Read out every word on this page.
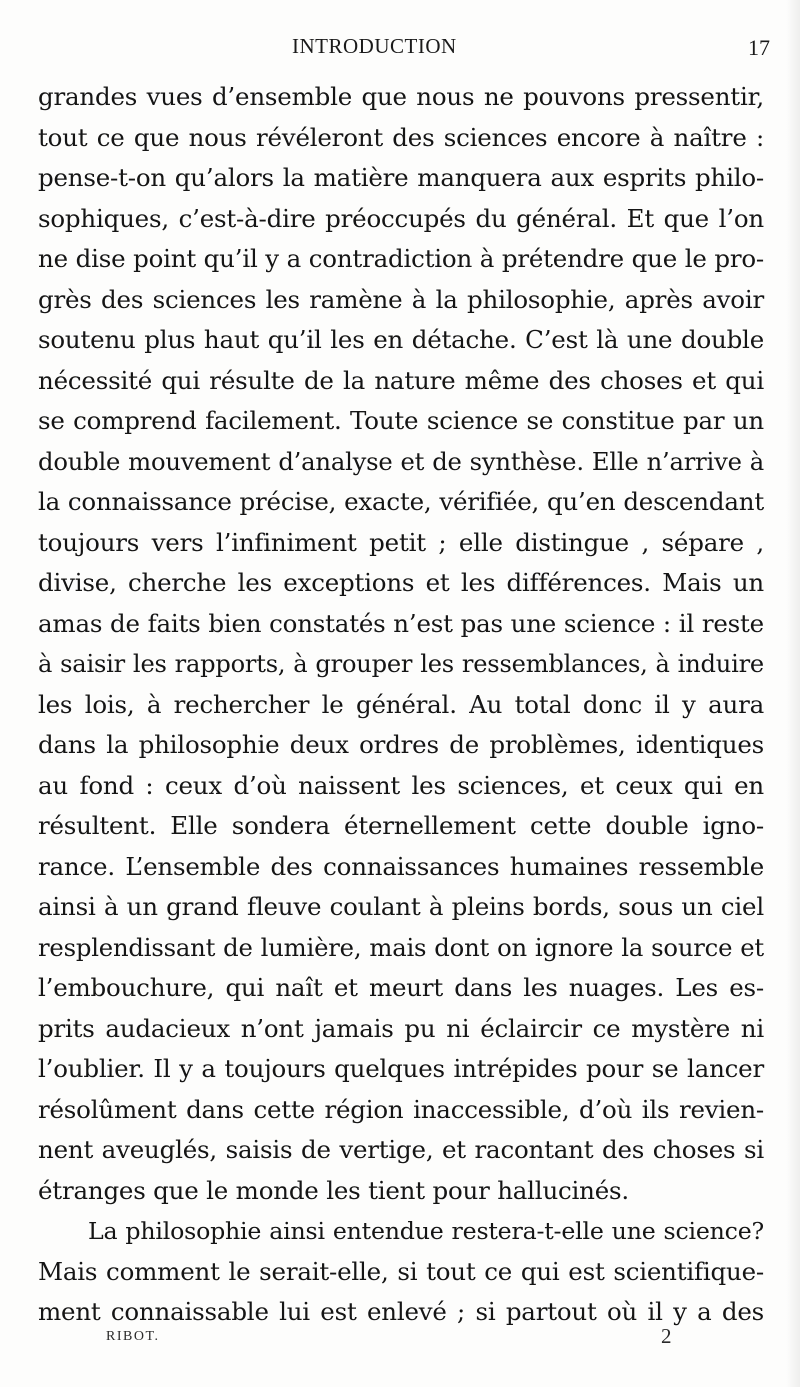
INTRODUCTION	17
grandes vues d’ensemble que nous ne pouvons pressentir,
tout ce que nous révéleront des sciences encore à naître :
pense-t-on qu’alors la matière manquera aux esprits philo-
sophiques, c’est-à-dire préoccupés du général. Et que l’on
ne dise point qu’il y a contradiction à prétendre que le pro-
grès des sciences les ramène à la philosophie, après avoir
soutenu plus haut qu’il les en détache. C’est là une double
nécessité qui résulte de la nature même des choses et qui
se comprend facilement. Toute science se constitue par un
double mouvement d’analyse et de synthèse. Elle n’arrive à
la connaissance précise, exacte, vérifiée, qu’en descendant
toujours vers l’infiniment petit ; elle distingue , sépare ,
divise, cherche les exceptions et les différences. Mais un
amas de faits bien constatés n’est pas une science : il reste
à saisir les rapports, à grouper les ressemblances, à induire
les lois, à rechercher le général. Au total donc il y aura
dans la philosophie deux ordres de problèmes, identiques
au fond : ceux d’où naissent les sciences, et ceux qui en
résultent. Elle sondera éternellement cette double igno-
rance. L’ensemble des connaissances humaines ressemble
ainsi à un grand fleuve coulant à pleins bords, sous un ciel
resplendissant de lumière, mais dont on ignore la source et
l’embouchure, qui naît et meurt dans les nuages. Les es-
prits audacieux n’ont jamais pu ni éclaircir ce mystère ni
l’oublier. Il y a toujours quelques intrépides pour se lancer
résolûment dans cette région inaccessible, d’où ils revien-
nent aveuglés, saisis de vertige, et racontant des choses si
étranges que le monde les tient pour hallucinés.
La philosophie ainsi entendue restera-t-elle une science?
Mais comment le serait-elle, si tout ce qui est scientifique-
ment connaissable lui est enlevé ; si partout où il y a des
RIBOT.	2
